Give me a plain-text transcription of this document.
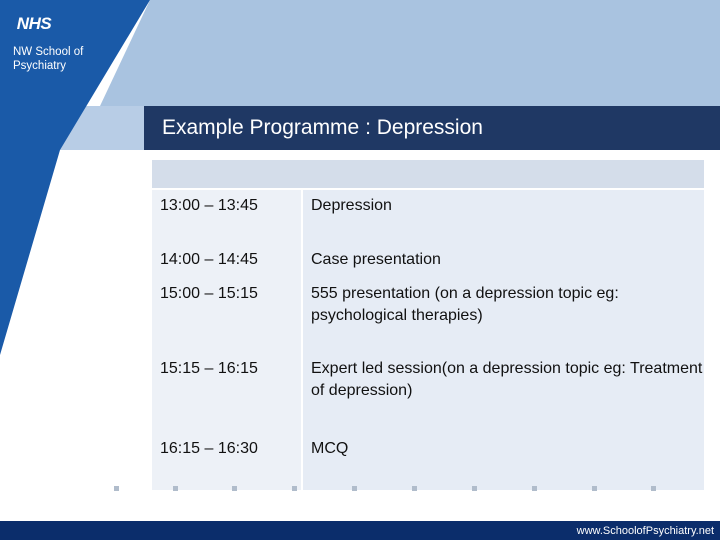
NHS
NW School of Psychiatry
Example Programme : Depression

13:00 – 13:45	Depression
14:00 – 14:45	Case presentation
15:00 – 15:15	555 presentation (on a depression topic eg: psychological therapies)
15:15 – 16:15	Expert led session(on a depression topic eg: Treatment of depression)
16:15 – 16:30	MCQ
www.SchoolofPsychiatry.net
